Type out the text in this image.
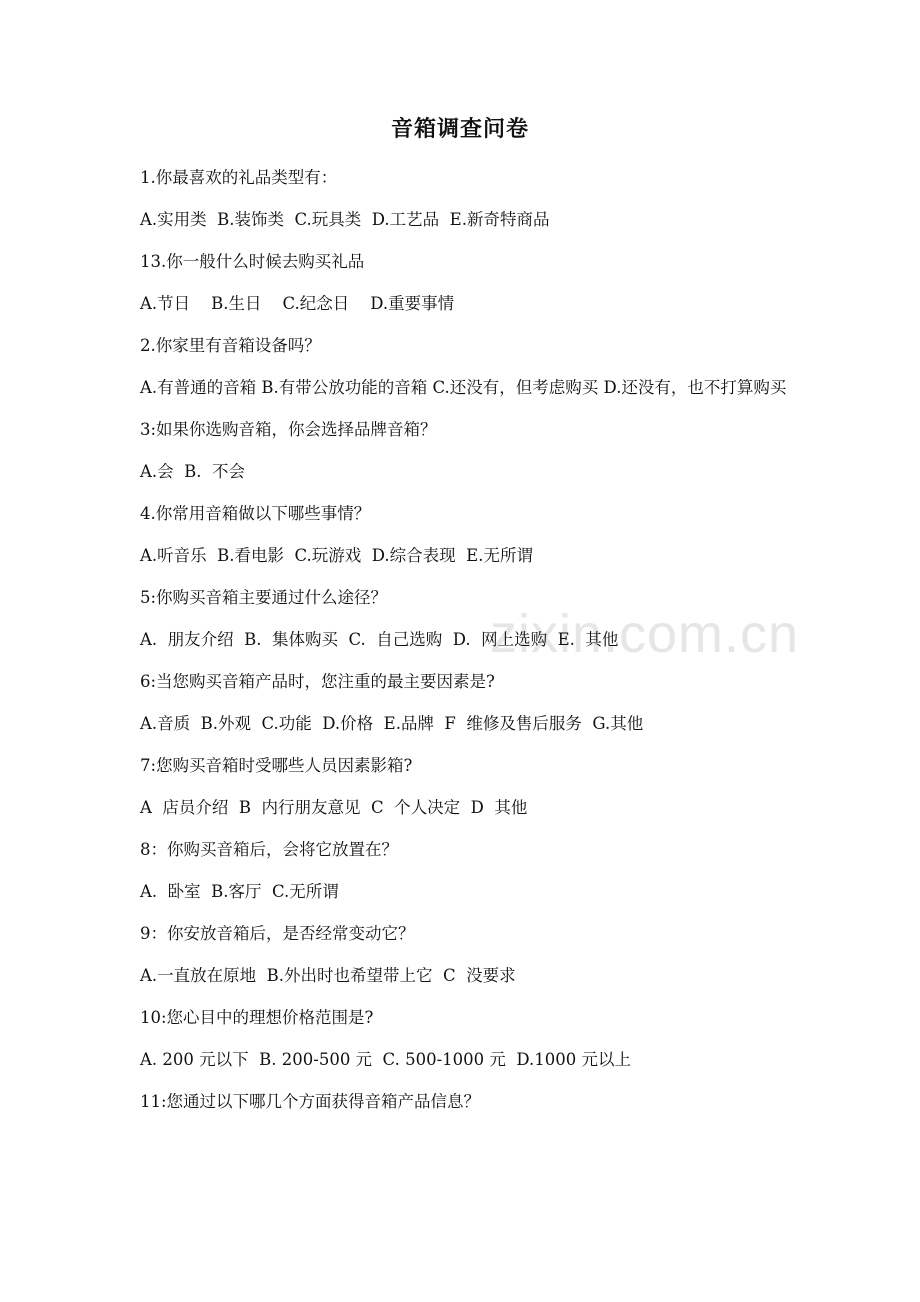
zixin.com.cn
音箱调查问卷
1.你最喜欢的礼品类型有：
A.实用类  B.装饰类  C.玩具类  D.工艺品  E.新奇特商品
13.你一般什么时候去购买礼品
A.节日    B.生日    C.纪念日    D.重要事情
2.你家里有音箱设备吗？
A.有普通的音箱 B.有带公放功能的音箱 C.还没有，但考虑购买 D.还没有，也不打算购买
3:如果你选购音箱，你会选择品牌音箱？
A.会  B.  不会
4.你常用音箱做以下哪些事情？
A.听音乐  B.看电影  C.玩游戏  D.综合表现  E.无所谓
5:你购买音箱主要通过什么途径？
A.  朋友介绍  B.  集体购买  C.  自己选购  D.  网上选购  E.  其他
6:当您购买音箱产品时，您注重的最主要因素是?
A.音质  B.外观  C.功能  D.价格  E.品牌  F  维修及售后服务  G.其他
7:您购买音箱时受哪些人员因素影箱?
A  店员介绍  B  内行朋友意见  C  个人决定  D  其他
8：你购买音箱后，会将它放置在？
A.  卧室  B.客厅  C.无所谓
9：你安放音箱后，是否经常变动它？
A.一直放在原地  B.外出时也希望带上它  C  没要求
10:您心目中的理想价格范围是?
A. 200 元以下  B. 200-500 元  C. 500-1000 元  D.1000 元以上
11:您通过以下哪几个方面获得音箱产品信息？
